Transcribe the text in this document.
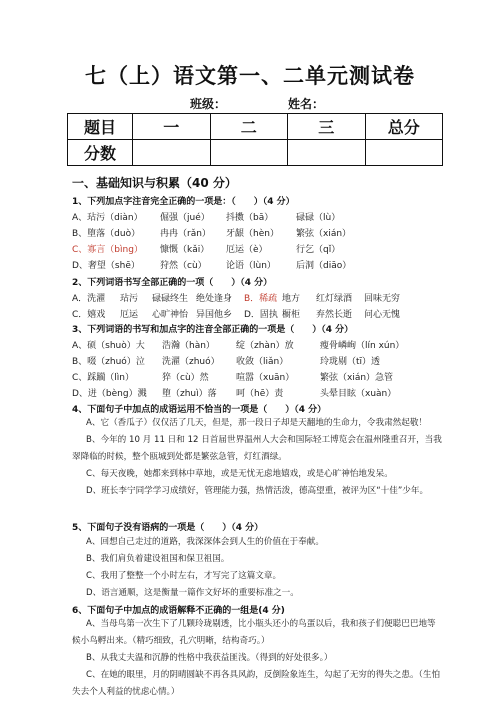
七（上）语文第一、二单元测试卷
班级：	姓名：
题目	一	二	三	总分
分数				
一、基础知识与积累（40 分）
1、下列加点字注音完全正确的一项是：（　　）（4 分）
A、玷污（diàn） 倔强（jué） 抖擞（bā）	碌碌（lù）
B、堕落（duò） 冉冉（rǎn） 牙龈（hèn） 繁弦（xián）
C、寡言（bìng） 慷慨（kǎi） 厄运（è）	行乞（qǐ）
D、奢望（shē） 狩然（cù） 论语（lùn） 后洞（diāo）
2、下列词语书写全部正确的一项（　　）（4 分）
A．洗濯 玷污 碌碌终生 绝处逢身 B．稀疏 地方 红灯绿酒 回味无穷
C．嬉戏 厄运 心旷神怡 异国他乡 D．固执 橱柜 弃然长逝 问心无愧
3、下列词语的书写和加点字的注音全部正确的一项是（　　）（4 分）
A、硕（shuò）大 浩瀚（hàn） 绽（zhàn）放	瘦骨嶙峋（lín xún）
B、啜（zhuó）泣 洗濯（zhuó） 收敛（liǎn）	玲珑剔（tī）透
C、踩躏（lìn）	猝（cù）然	喧嚣（xuān）	繁弦（xián）急管
D、迸（bèng）溅 堕（zhuì）落 呵（hē）责	头晕目眩（xuàn）
4、下面句子中加点的成语运用不恰当的一项是（　　）（4 分）
A、它（香瓜子）仅仅活了几天，但是，那一段日子却是天翻地的生命力，令我肃然起敬！
B、今年的 10 月 11 日和 12 日首届世界温州人大会和国际轻工博览会在温州隆重召开，当我翠降临的时候，整个瓯城到处都是繁弦急管，灯红酒绿。
C、每天夜晚，她都来到林中草地，或是无忧无虑地嬉戏，或是心旷神怡地发呆。
D、班长李宁同学学习成绩好，管理能力强，热情活泼，德高望重，被评为区“十佳”少年。
5、下面句子没有语病的一项是（　　）（4 分）
A、回想自己走过的道路，我深深体会到人生的价值在于奉献。
B、我们肩负着建设祖国和保卫祖国。
C、我用了整整一个小时左右，才写完了这篇文章。
D、语言通顺，这是衡量一篇作文好坏的重要标准之一。
6、下面句子中加点的成语解释不正确的一组是(4 分)
A、当母鸟第一次生下了几颗玲珑剔透，比小瓶头还小的鸟蛋以后，我和孩子们便聪巴巴地等候小鸟孵出来。（精巧细致，孔穴明晰，结构奇巧。）
B、从我丈夫温和沉静的性格中我获益匪浅。（得到的好处很多。）
C、在她的眼里，月的阴晴圆缺不再各具风韵，反倒险象连生，勾起了无穷的得失之患。（生怕失去个人利益的忧虑心情。）
